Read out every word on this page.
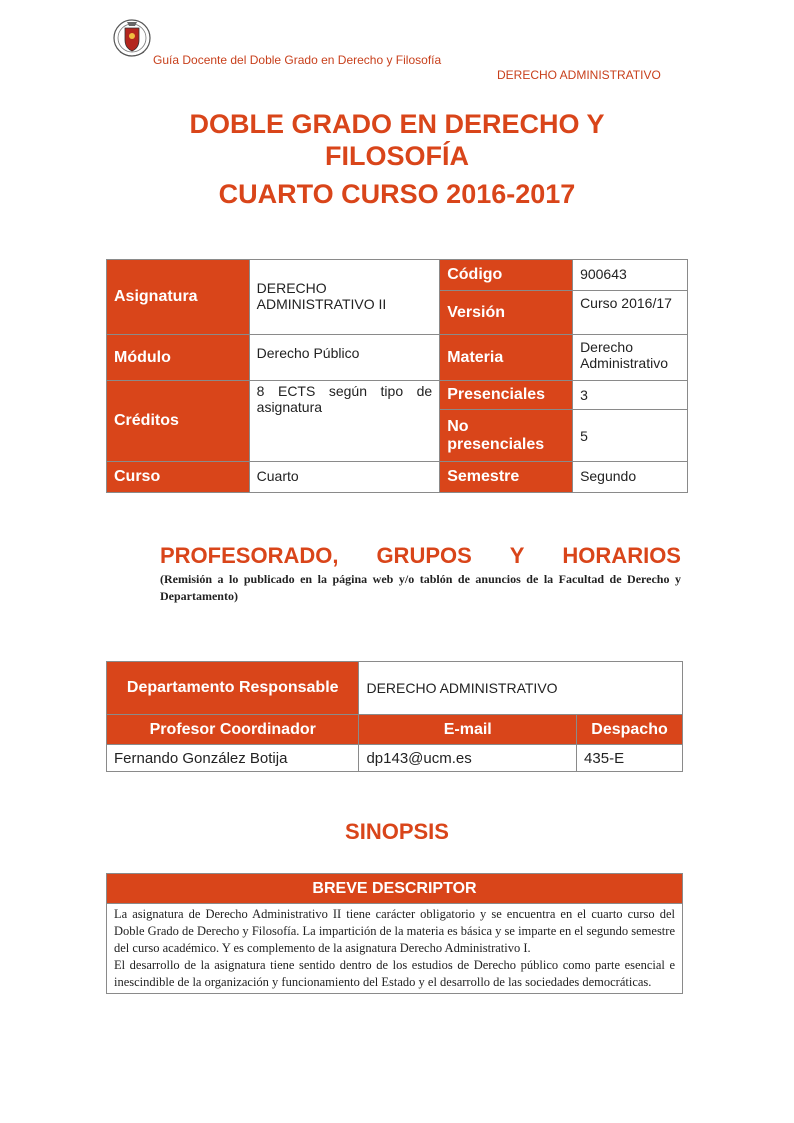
Guía Docente del Doble Grado en Derecho y Filosofía
DERECHO ADMINISTRATIVO
DOBLE GRADO EN DERECHO Y
FILOSOFÍA
CUARTO CURSO 2016-2017
Asignatura	DERECHO ADMINISTRATIVO II	Código	900643
		Versión	Curso 2016/17
Módulo	Derecho Público	Materia	Derecho Administrativo
Créditos	8 ECTS según tipo de asignatura	Presenciales	3
		No presenciales	5
Curso	Cuarto	Semestre	Segundo
PROFESORADO, GRUPOS Y HORARIOS
(Remisión a lo publicado en la página web y/o tablón de anuncios de la Facultad de Derecho y Departamento)
Departamento Responsable	DERECHO ADMINISTRATIVO	
Profesor Coordinador	E-mail	Despacho
Fernando González Botija	dp143@ucm.es	435-E
SINOPSIS
BREVE DESCRIPTOR

La asignatura de Derecho Administrativo II tiene carácter obligatorio y se encuentra en el cuarto curso del Doble Grado de Derecho y Filosofía. La impartición de la materia es básica y se imparte en el segundo semestre del curso académico. Y es complemento de la asignatura Derecho Administrativo I.
El desarrollo de la asignatura tiene sentido dentro de los estudios de Derecho público como parte esencial e inescindible de la organización y funcionamiento del Estado y el desarrollo de las sociedades democráticas.
